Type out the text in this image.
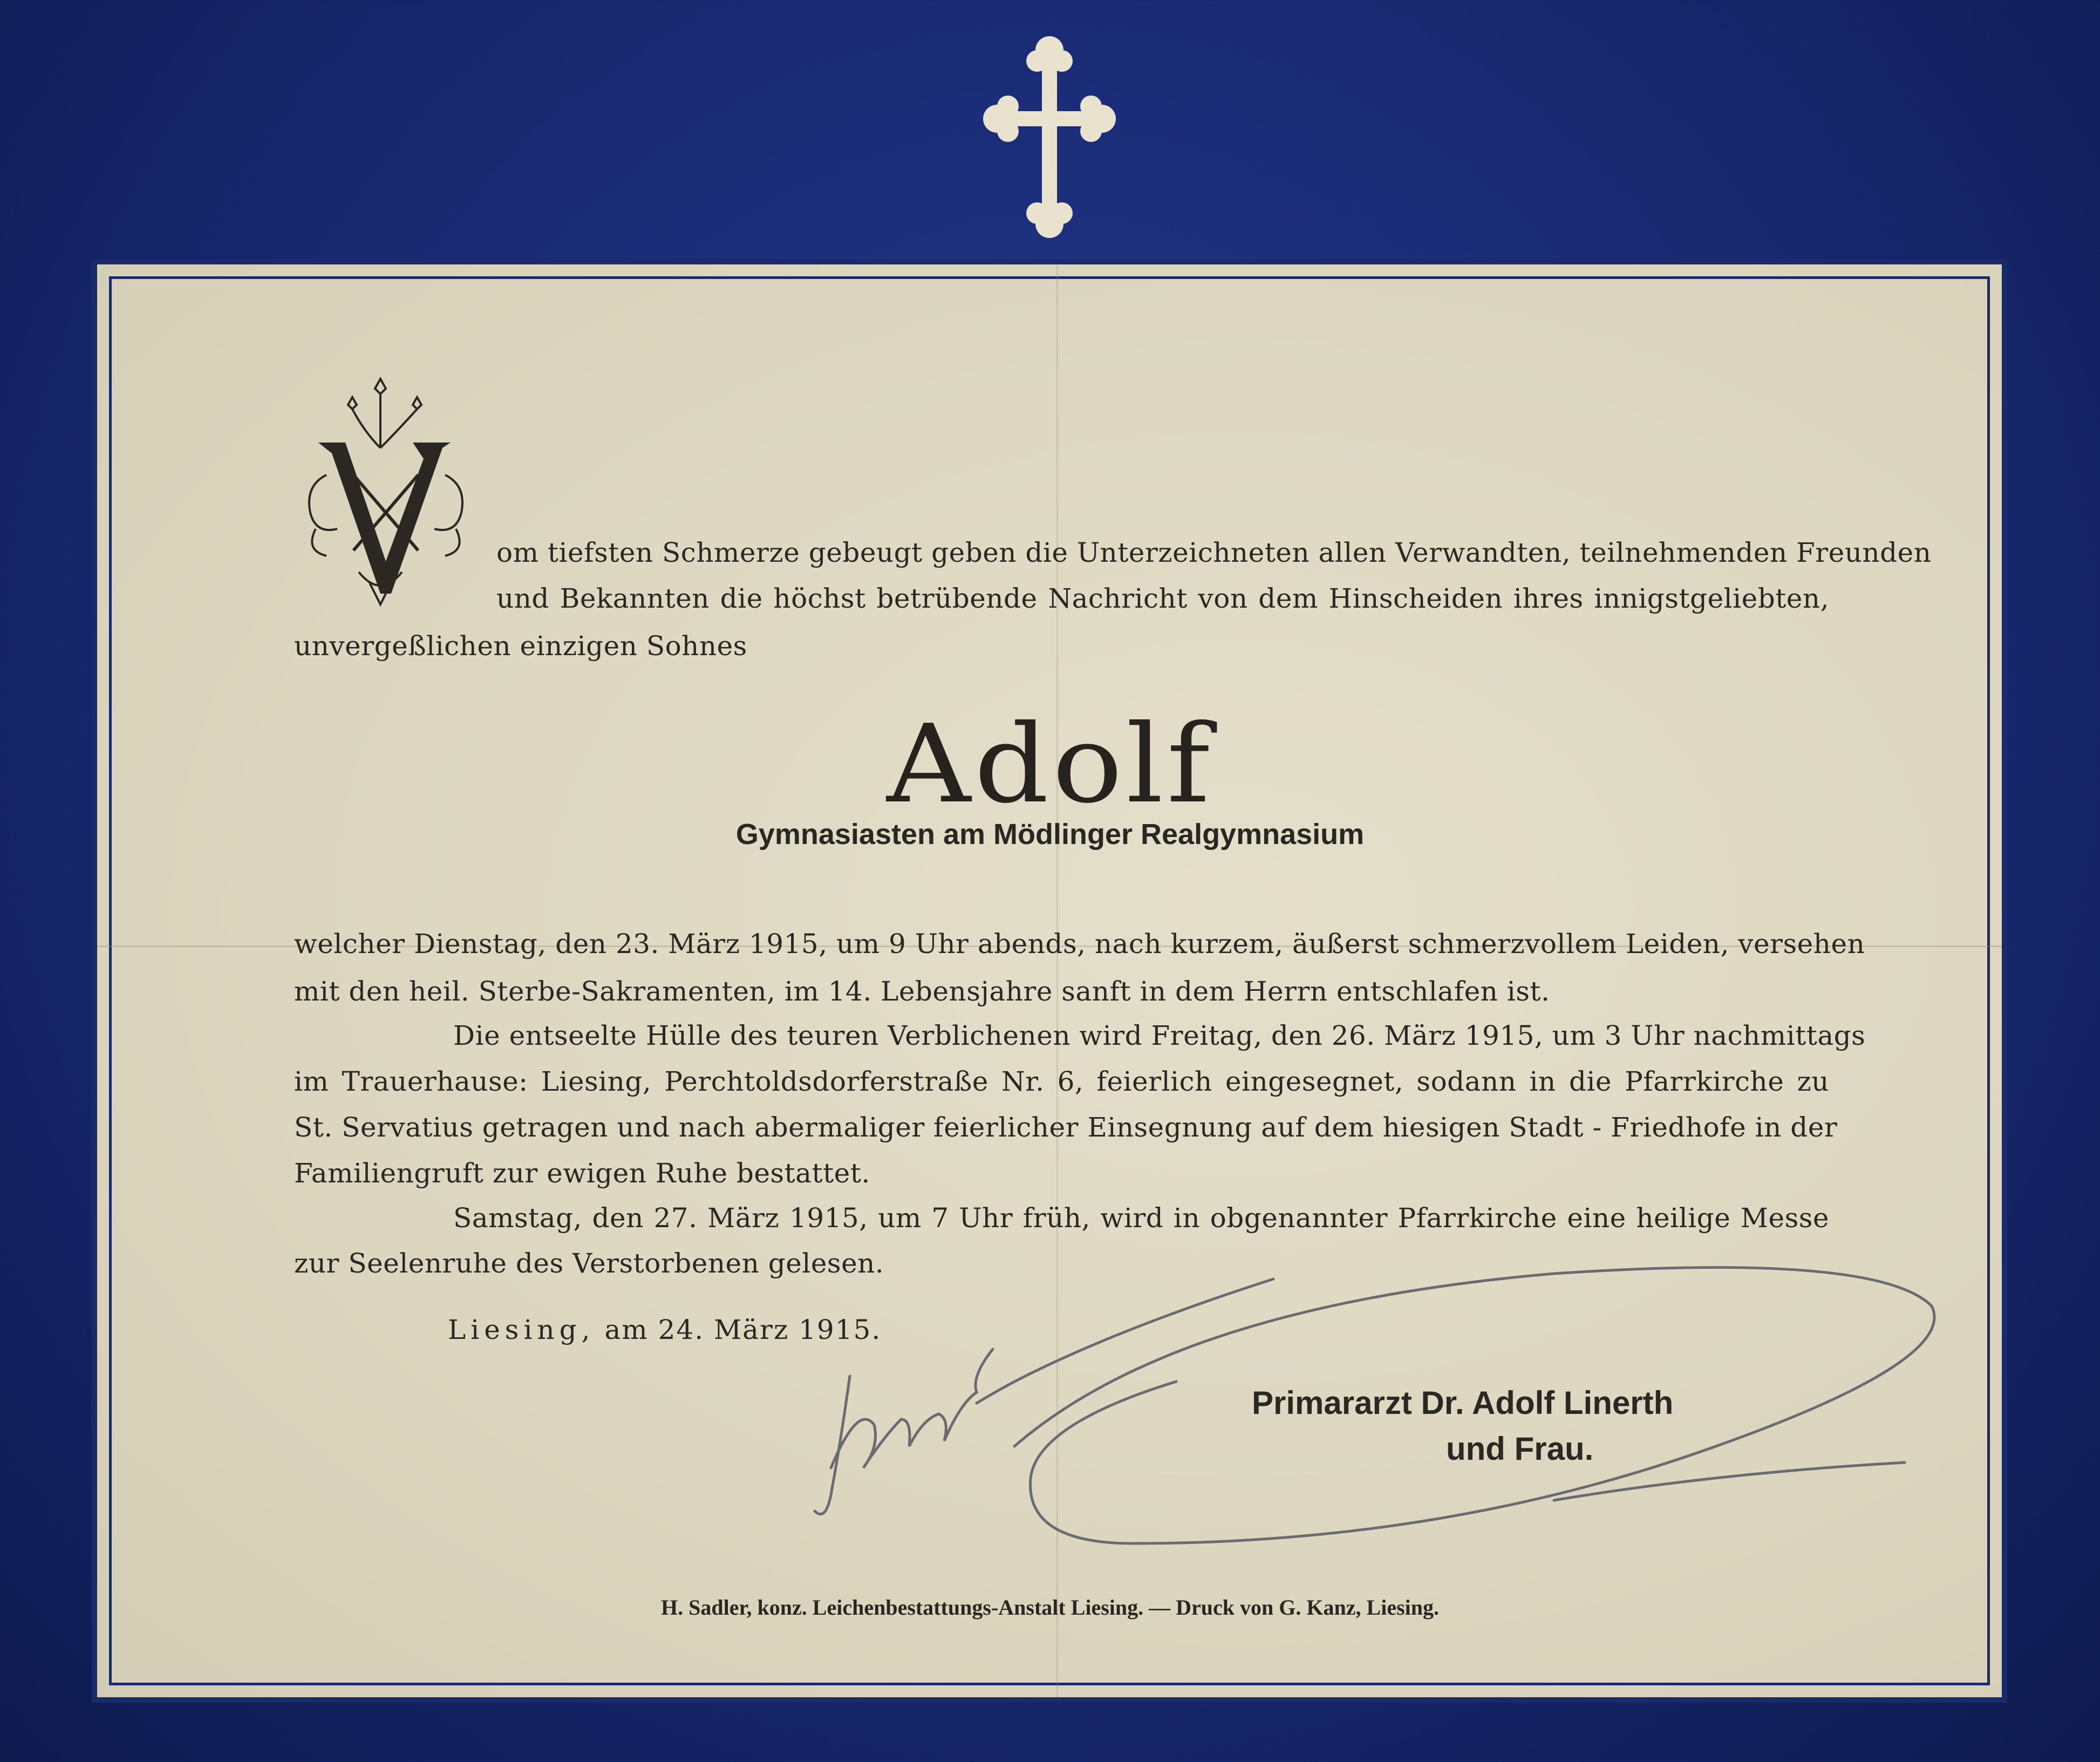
om tiefsten Schmerze gebeugt geben die Unterzeichneten allen Verwandten, teilnehmenden Freunden
und Bekannten die höchst betrübende Nachricht von dem Hinscheiden ihres innigstgeliebten,
unvergeßlichen einzigen Sohnes
Adolf
Gymnasiasten am Mödlinger Realgymnasium
welcher Dienstag, den 23. März 1915, um 9 Uhr abends, nach kurzem, äußerst schmerzvollem Leiden, versehen
mit den heil. Sterbe-Sakramenten, im 14. Lebensjahre sanft in dem Herrn entschlafen ist.
Die entseelte Hülle des teuren Verblichenen wird Freitag, den 26. März 1915, um 3 Uhr nachmittags
im Trauerhause: Liesing, Perchtoldsdorferstraße Nr. 6, feierlich eingesegnet, sodann in die Pfarrkirche zu
St. Servatius getragen und nach abermaliger feierlicher Einsegnung auf dem hiesigen Stadt - Friedhofe in der
Familiengruft zur ewigen Ruhe bestattet.
Samstag, den 27. März 1915, um 7 Uhr früh, wird in obgenannter Pfarrkirche eine heilige Messe
zur Seelenruhe des Verstorbenen gelesen.
Liesing, am 24. März 1915.
Primararzt Dr. Adolf Linerth
und Frau.
H. Sadler, konz. Leichenbestattungs-Anstalt Liesing. — Druck von G. Kanz, Liesing.
